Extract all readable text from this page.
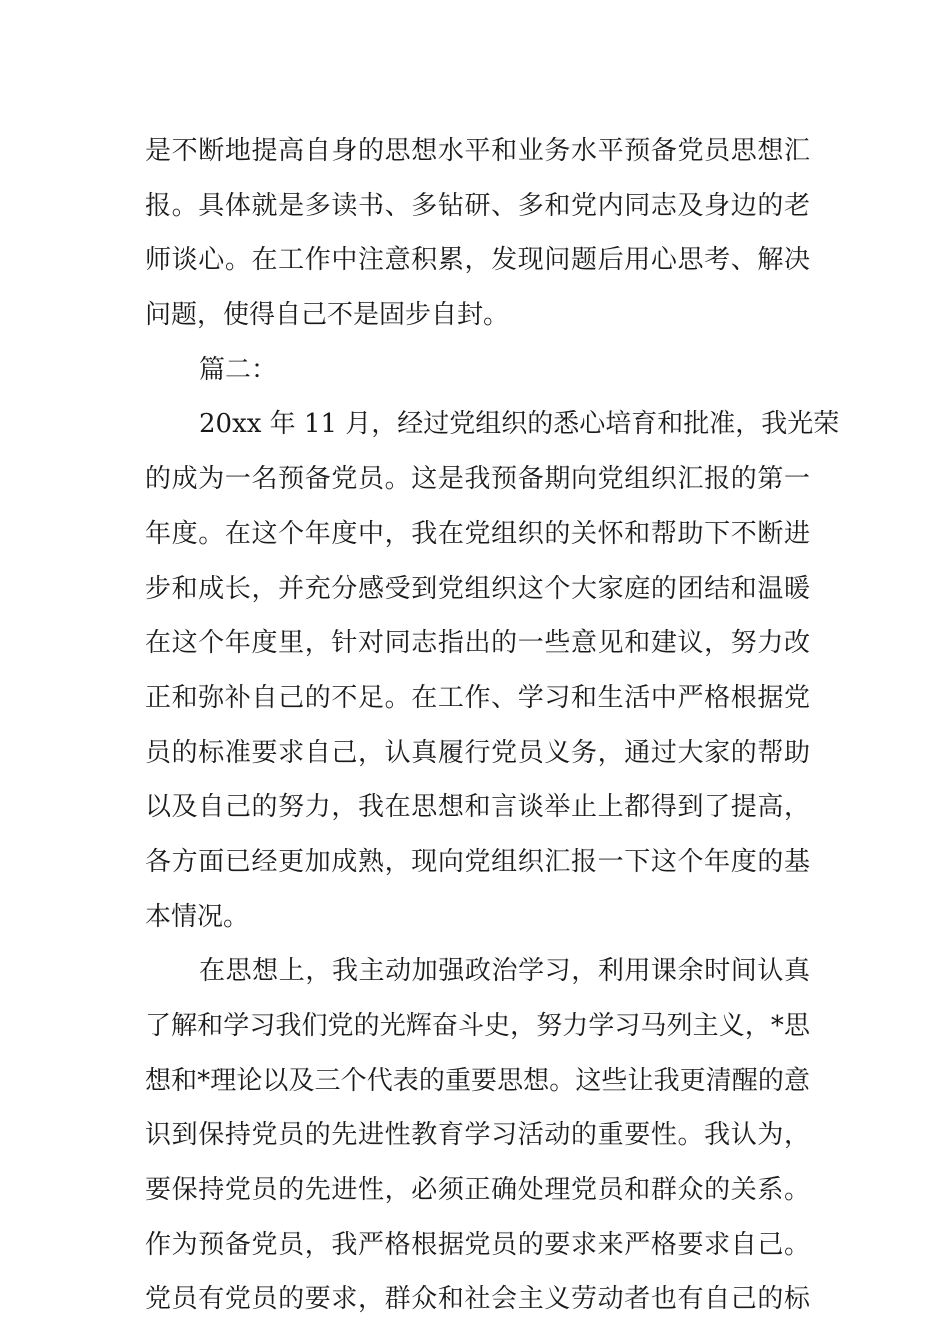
是不断地提高自身的思想水平和业务水平预备党员思想汇
报。具体就是多读书、多钻研、多和党内同志及身边的老
师谈心。在工作中注意积累，发现问题后用心思考、解决
问题，使得自己不是固步自封。
篇二：
20xx 年 11 月，经过党组织的悉心培育和批准，我光荣
的成为一名预备党员。这是我预备期向党组织汇报的第一
年度。在这个年度中，我在党组织的关怀和帮助下不断进
步和成长，并充分感受到党组织这个大家庭的团结和温暖
在这个年度里，针对同志指出的一些意见和建议，努力改
正和弥补自己的不足。在工作、学习和生活中严格根据党
员的标准要求自己，认真履行党员义务，通过大家的帮助
以及自己的努力，我在思想和言谈举止上都得到了提高，
各方面已经更加成熟，现向党组织汇报一下这个年度的基
本情况。
在思想上，我主动加强政治学习，利用课余时间认真
了解和学习我们党的光辉奋斗史，努力学习马列主义，*思
想和*理论以及三个代表的重要思想。这些让我更清醒的意
识到保持党员的先进性教育学习活动的重要性。我认为，
要保持党员的先进性，必须正确处理党员和群众的关系。
作为预备党员，我严格根据党员的要求来严格要求自己。
党员有党员的要求，群众和社会主义劳动者也有自己的标
